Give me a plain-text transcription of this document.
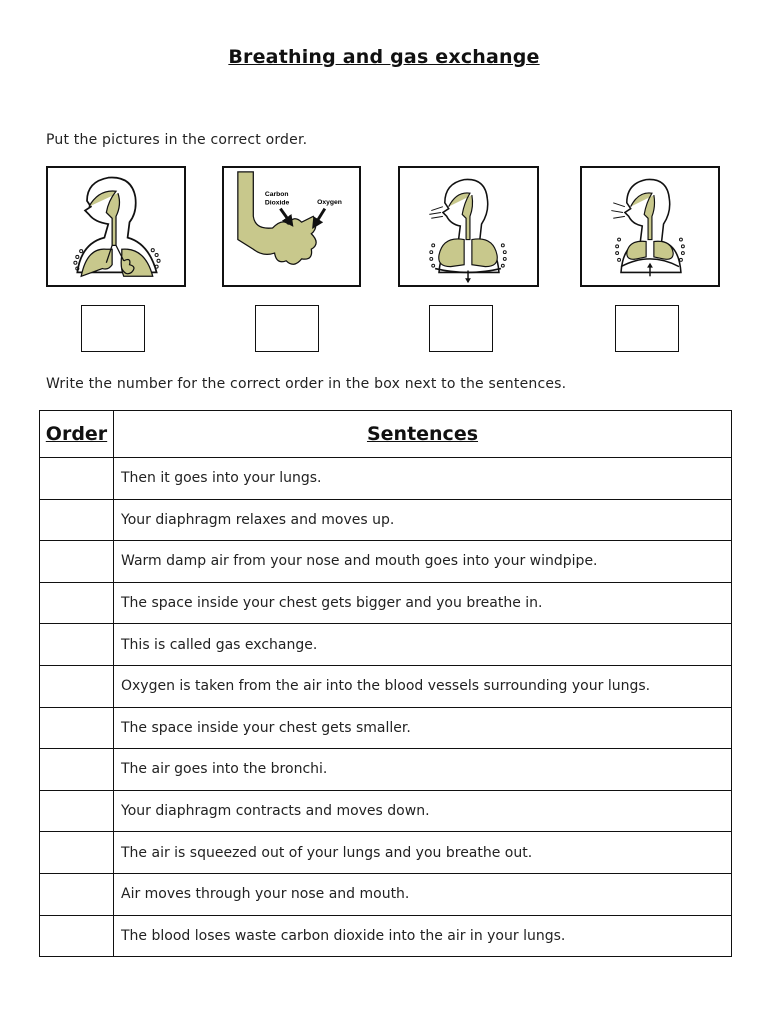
Breathing and gas exchange
Put the pictures in the correct order.
Carbon
Dioxide	Oxygen
Write the number for the correct order in the box next to the sentences.
Order	Sentences
	Then it goes into your lungs.
	Your diaphragm relaxes and moves up.
	Warm damp air from your nose and mouth goes into your windpipe.
	The space inside your chest gets bigger and you breathe in.
	This is called gas exchange.
	Oxygen is taken from the air into the blood vessels surrounding your lungs.
	The space inside your chest gets smaller.
	The air goes into the bronchi.
	Your diaphragm contracts and moves down.
	The air is squeezed out of your lungs and you breathe out.
	Air moves through your nose and mouth.
	The blood loses waste carbon dioxide into the air in your lungs.
